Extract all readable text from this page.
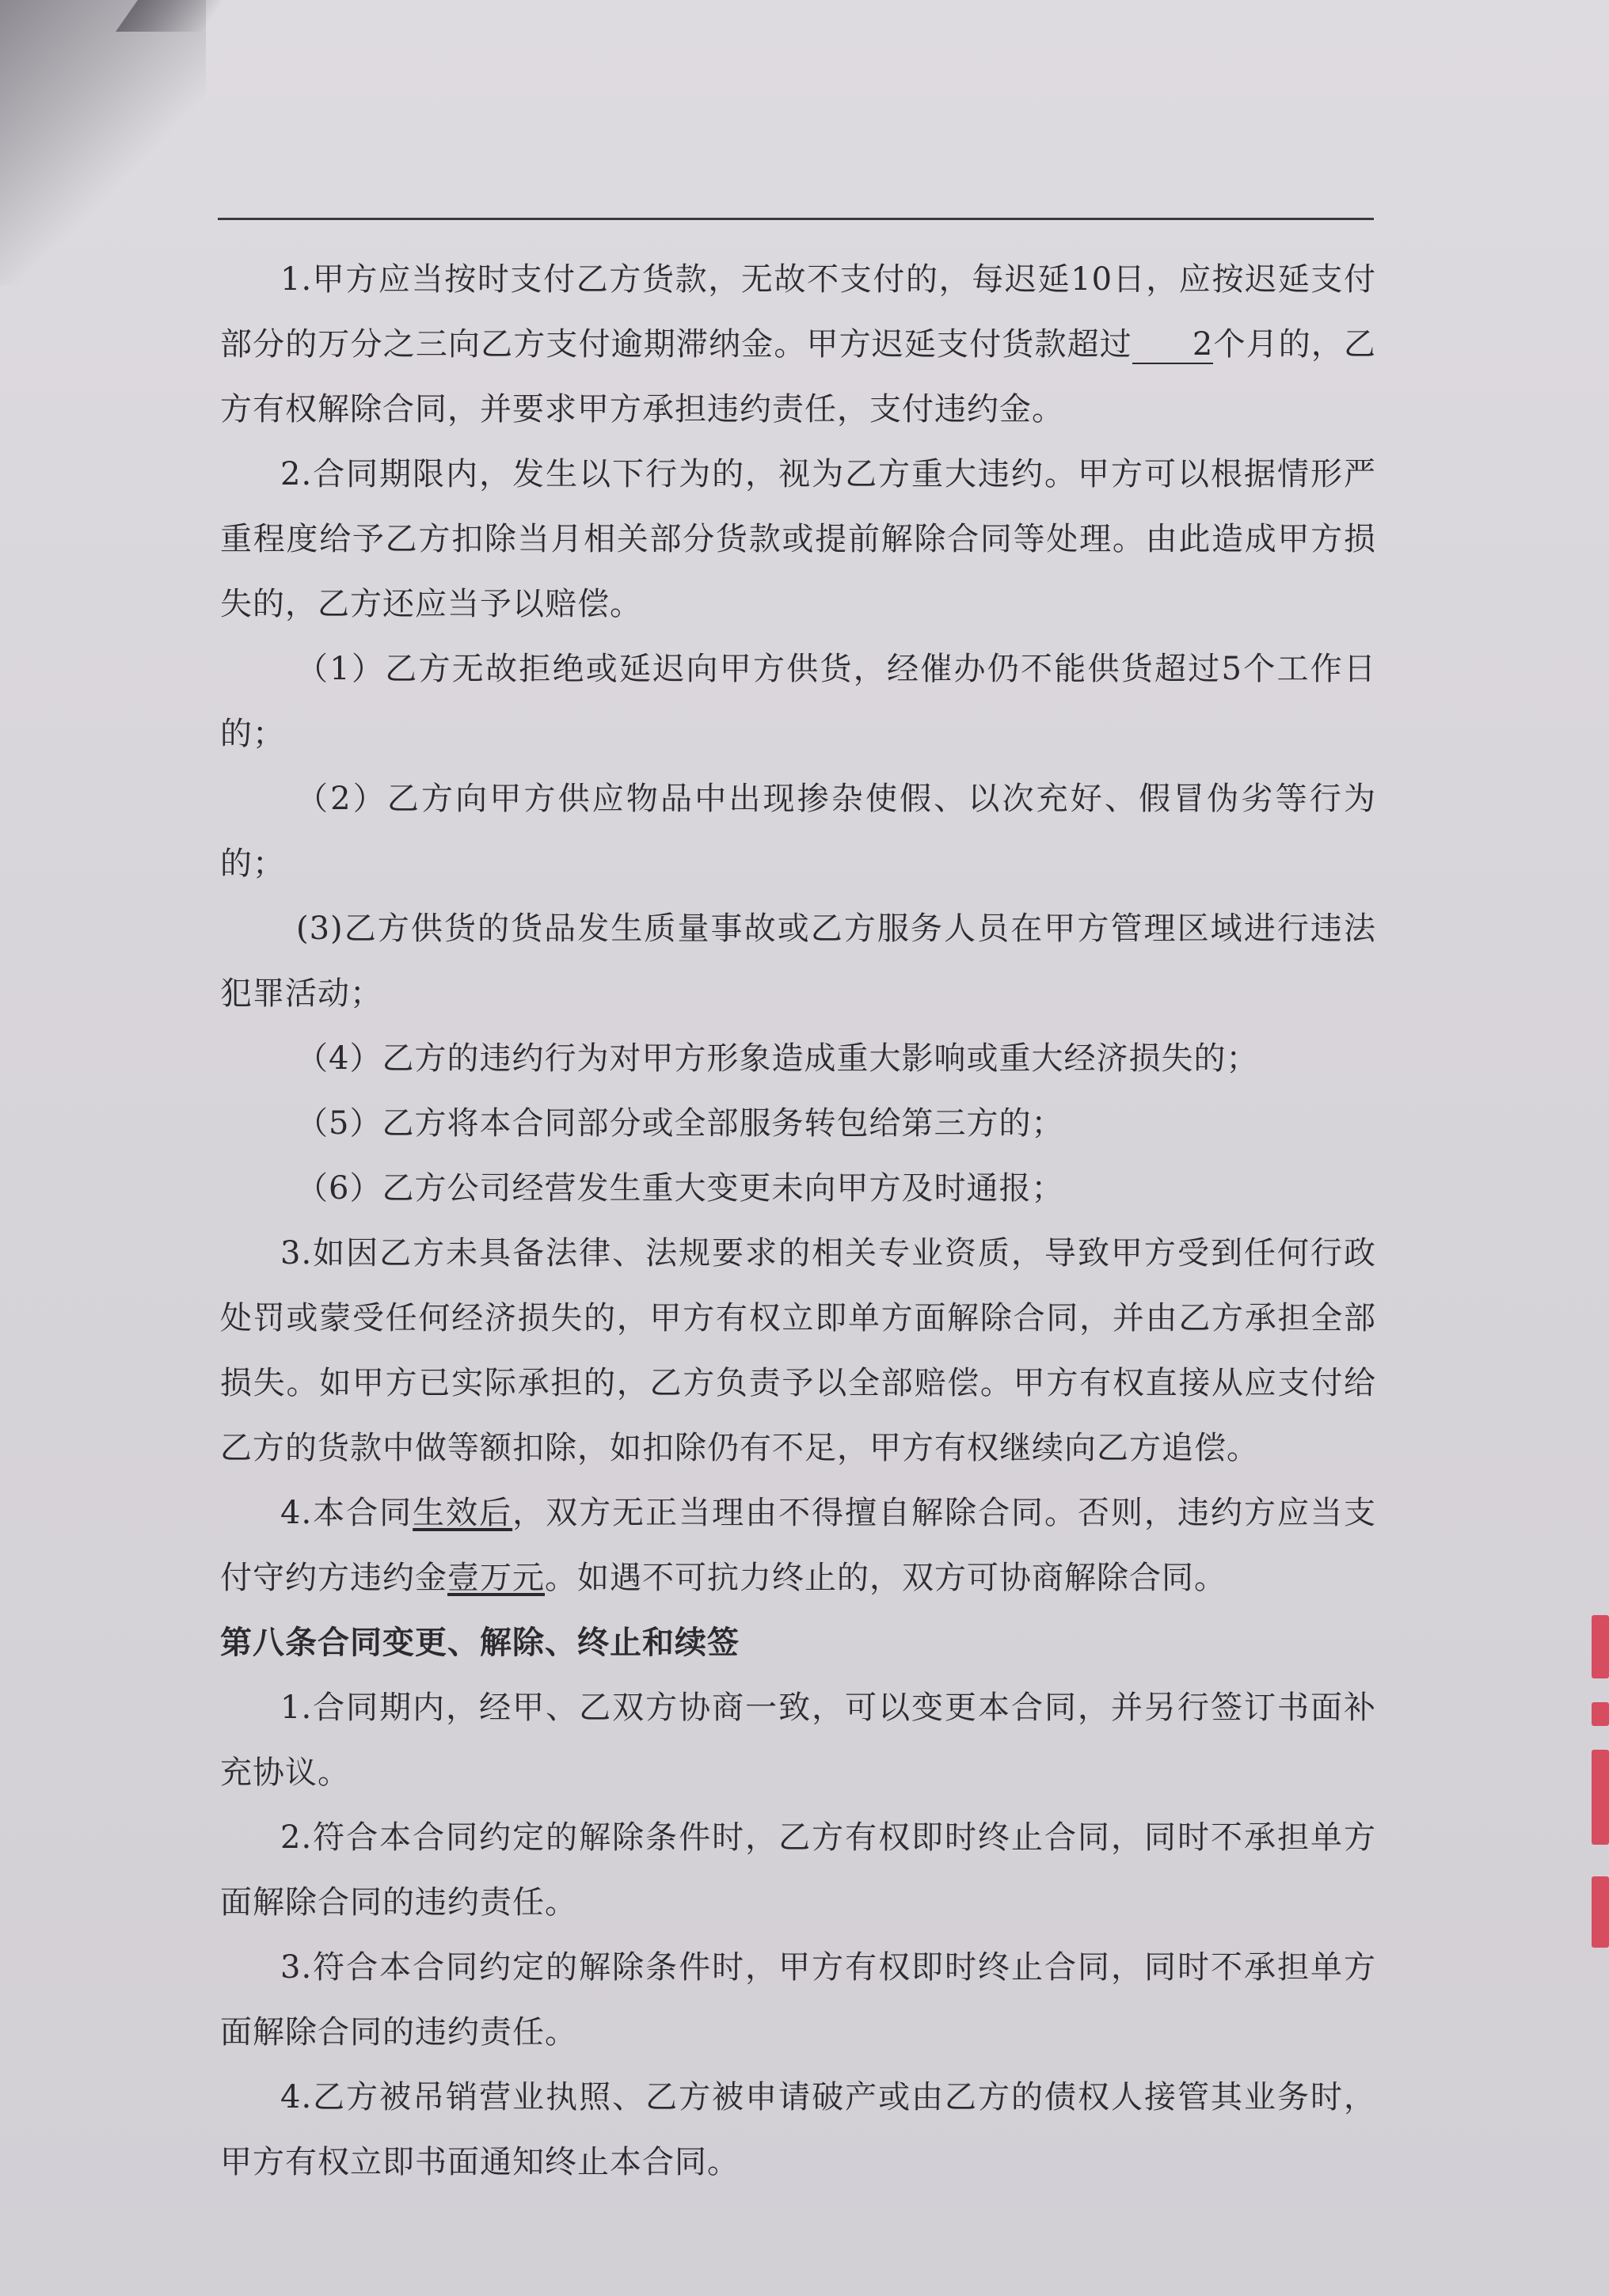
1.甲方应当按时支付乙方货款，无故不支付的，每迟延10日，应按迟延支付部分的万分之三向乙方支付逾期滞纳金。甲方迟延支付货款超过 2个月的，乙方有权解除合同，并要求甲方承担违约责任，支付违约金。

2.合同期限内，发生以下行为的，视为乙方重大违约。甲方可以根据情形严重程度给予乙方扣除当月相关部分货款或提前解除合同等处理。由此造成甲方损失的，乙方还应当予以赔偿。

（1）乙方无故拒绝或延迟向甲方供货，经催办仍不能供货超过5个工作日的；

（2）乙方向甲方供应物品中出现掺杂使假、以次充好、假冒伪劣等行为的；

(3)乙方供货的货品发生质量事故或乙方服务人员在甲方管理区域进行违法犯罪活动；

（4）乙方的违约行为对甲方形象造成重大影响或重大经济损失的；

（5）乙方将本合同部分或全部服务转包给第三方的；

（6）乙方公司经营发生重大变更未向甲方及时通报；

3.如因乙方未具备法律、法规要求的相关专业资质，导致甲方受到任何行政处罚或蒙受任何经济损失的，甲方有权立即单方面解除合同，并由乙方承担全部损失。如甲方已实际承担的，乙方负责予以全部赔偿。甲方有权直接从应支付给乙方的货款中做等额扣除，如扣除仍有不足，甲方有权继续向乙方追偿。

4.本合同生效后，双方无正当理由不得擅自解除合同。否则，违约方应当支付守约方违约金壹万元。如遇不可抗力终止的，双方可协商解除合同。

第八条合同变更、解除、终止和续签

1.合同期内，经甲、乙双方协商一致，可以变更本合同，并另行签订书面补充协议。

2.符合本合同约定的解除条件时，乙方有权即时终止合同，同时不承担单方面解除合同的违约责任。

3.符合本合同约定的解除条件时，甲方有权即时终止合同，同时不承担单方面解除合同的违约责任。

4.乙方被吊销营业执照、乙方被申请破产或由乙方的债权人接管其业务时，甲方有权立即书面通知终止本合同。
